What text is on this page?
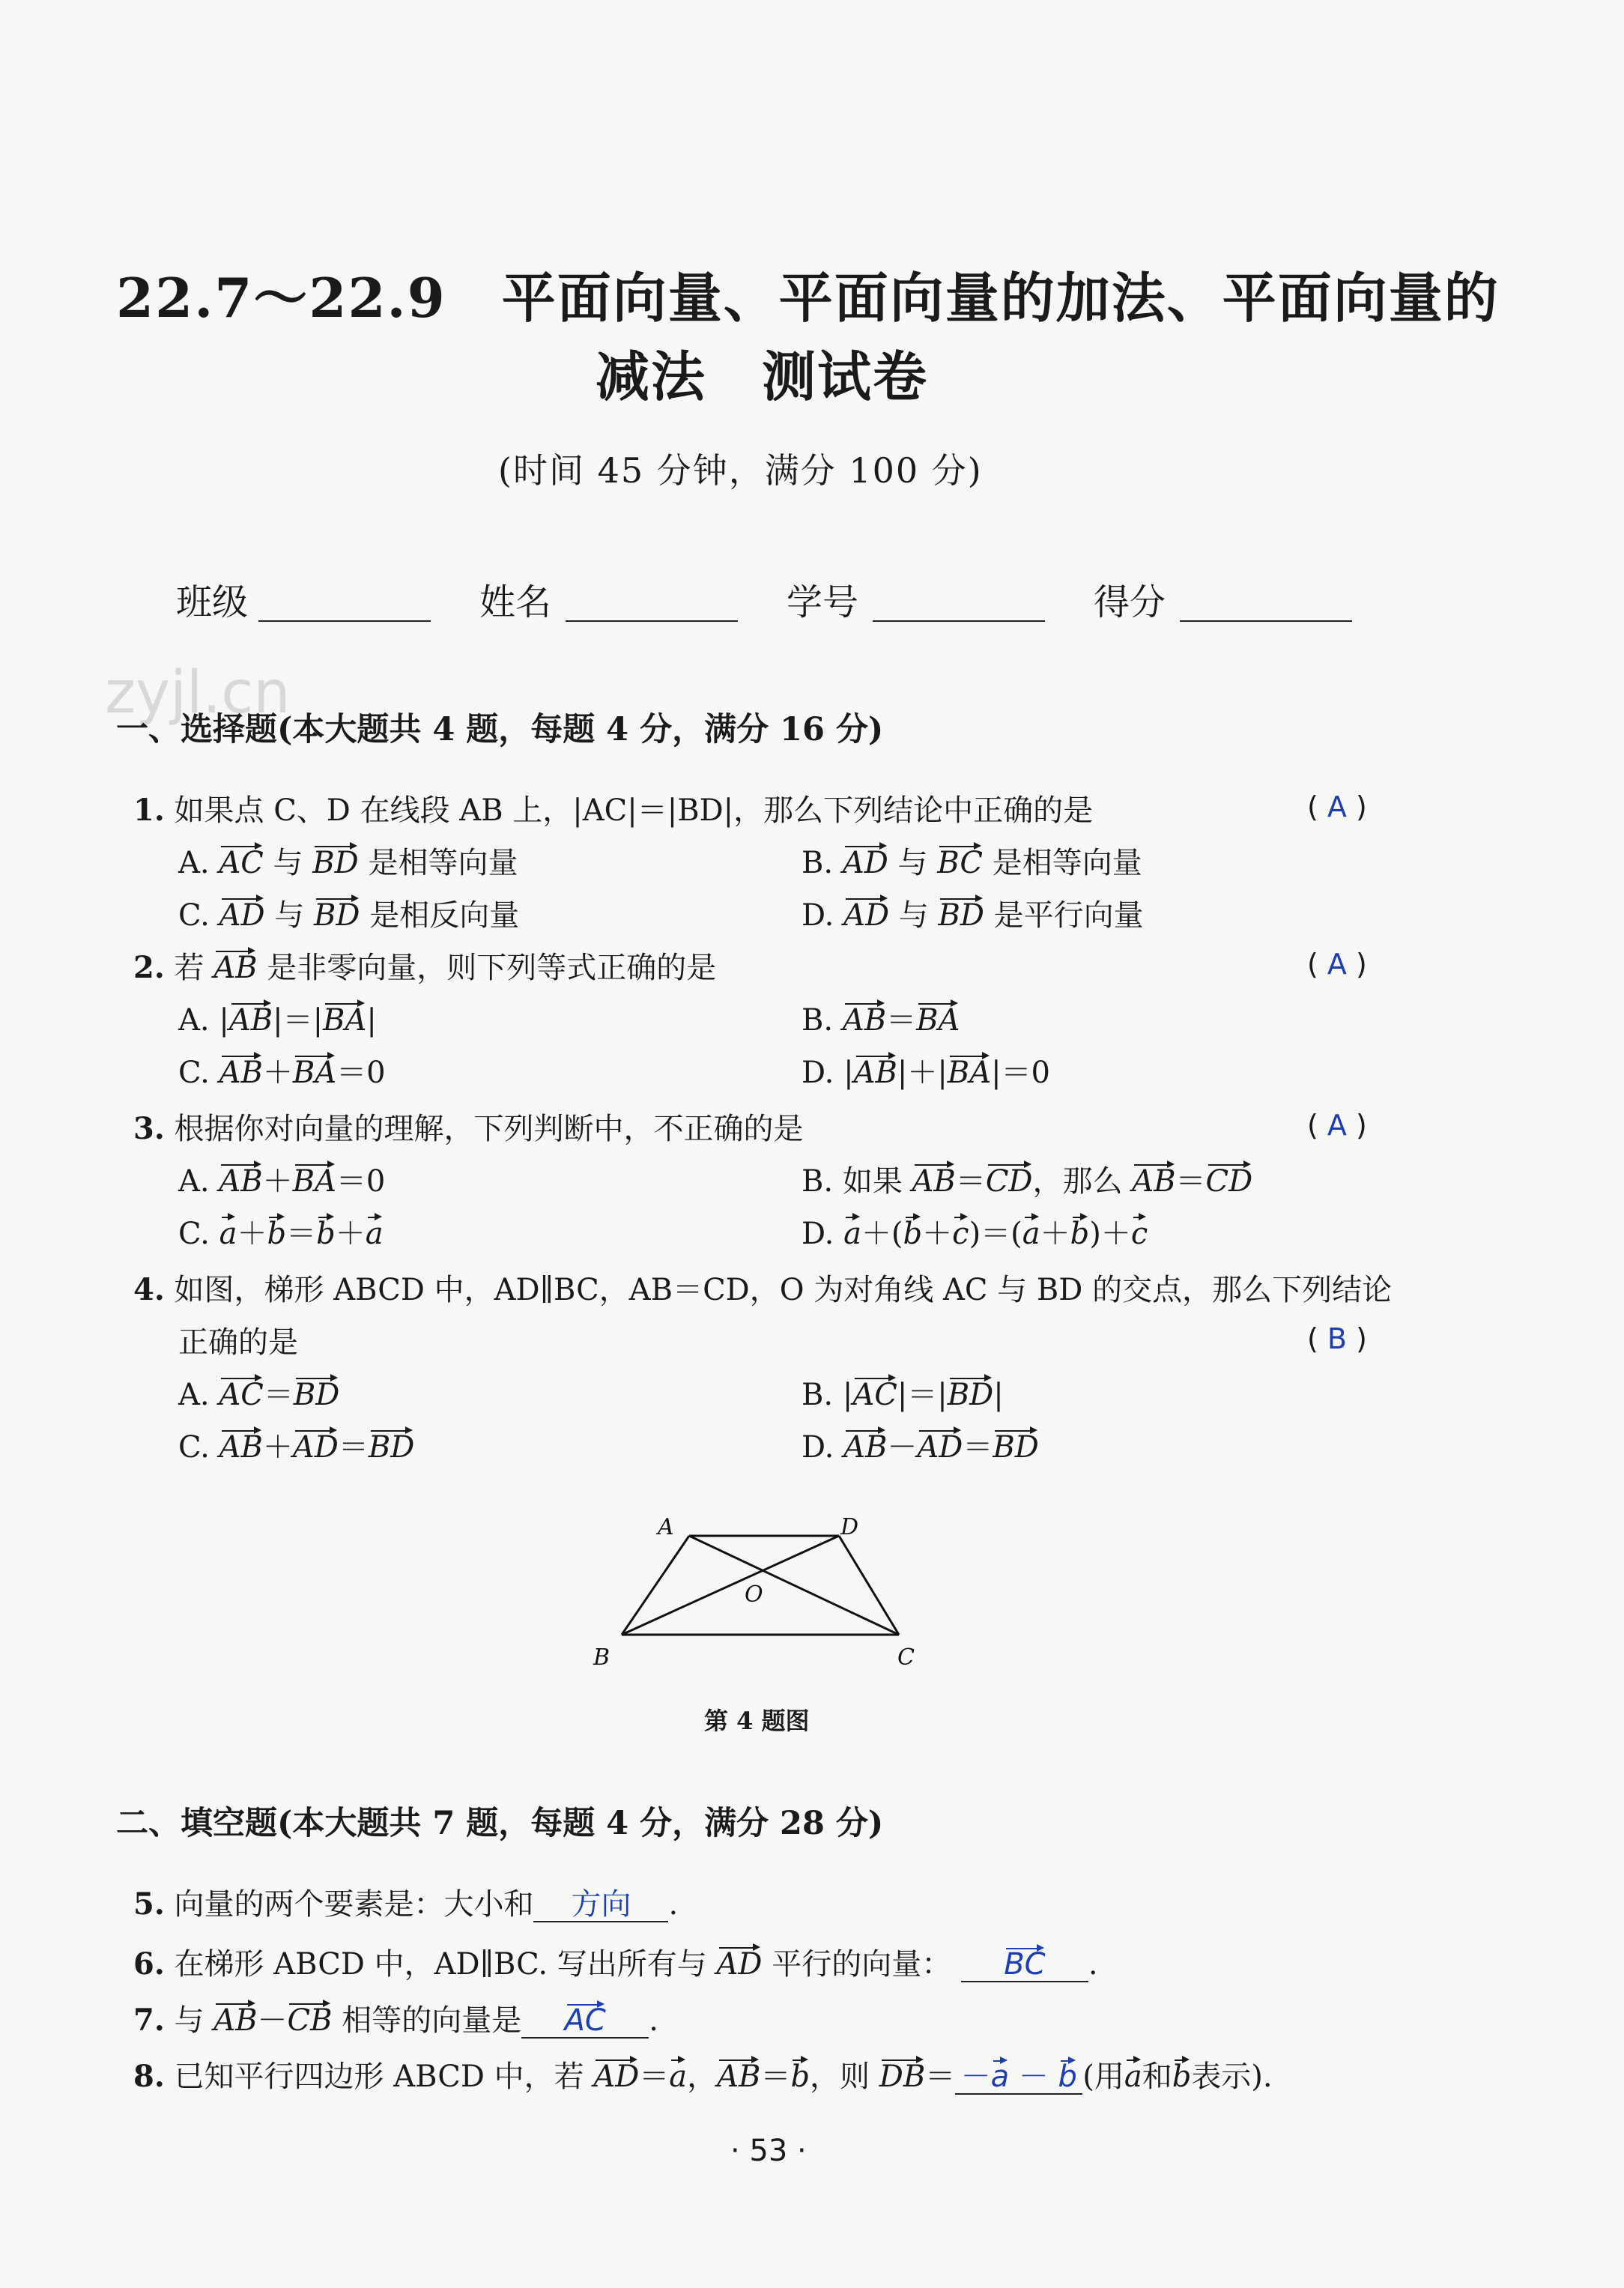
22.7～22.9　平面向量、平面向量的加法、平面向量的
减法　测试卷
(时间 45 分钟，满分 100 分)
班级	姓名	学号	得分
zyjl.cn
一、选择题(本大题共 4 题，每题 4 分，满分 16 分)
1. 如果点 C、D 在线段 AB 上，|AC|＝|BD|，那么下列结论中正确的是	( A )
A. AC 与 BD 是相等向量	B. AD 与 BC 是相等向量
C. AD 与 BD 是相反向量	D. AD 与 BD 是平行向量
2. 若 AB 是非零向量，则下列等式正确的是	( A )
A. |AB|＝|BA|	B. AB＝BA
C. AB＋BA＝0	D. |AB|＋|BA|＝0
3. 根据你对向量的理解，下列判断中，不正确的是	( A )
A. AB＋BA＝0	B. 如果 AB＝CD，那么 AB＝CD
C. a＋b＝b＋a	D. a＋(b＋c)＝(a＋b)＋c
4. 如图，梯形 ABCD 中，AD∥BC，AB＝CD，O 为对角线 AC 与 BD 的交点，那么下列结论
正确的是	( B )
A. AC＝BD	B. |AC|＝|BD|
C. AB＋AD＝BD	D. AB－AD＝BD
A	D
O
B	C
第 4 题图
二、填空题(本大题共 7 题，每题 4 分，满分 28 分)
5. 向量的两个要素是：大小和 方向 .
6. 在梯形 ABCD 中，AD∥BC. 写出所有与 AD 平行的向量： BC .
7. 与 AB－CB 相等的向量是 AC .
8. 已知平行四边形 ABCD 中，若 AD＝a，AB＝b，则 DB＝ －a － b (用a和b表示).
· 53 ·
